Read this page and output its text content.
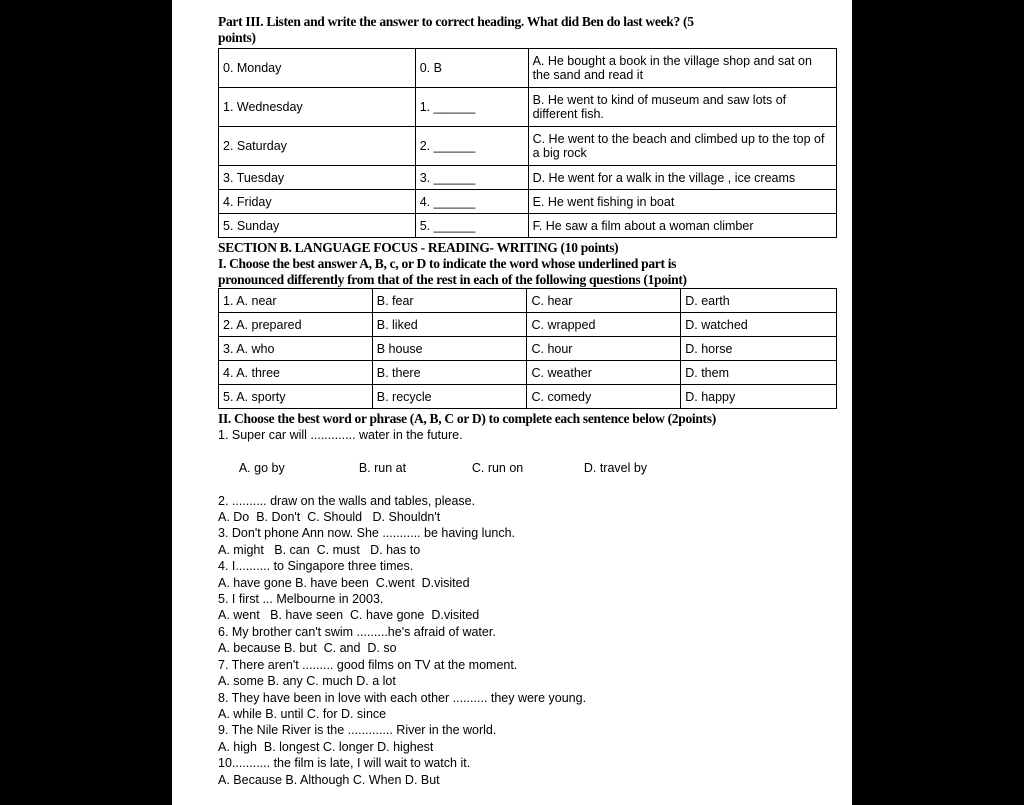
Part III. Listen and write the answer to correct heading. What did Ben do last week? (5
points)
0. Monday	0. B	A. He bought a book in the village shop and sat on the sand and read it
1. Wednesday	1. ______	B. He went to kind of museum and saw lots of different fish.
2. Saturday	2. ______	C. He went to the beach and climbed up to the top of a big rock
3. Tuesday	3. ______	D. He went for a walk in the village , ice creams
4. Friday	4. ______	E. He went fishing in boat
5. Sunday	5. ______	F. He saw a film about a woman climber
SECTION B. LANGUAGE FOCUS - READING- WRITING (10 points)
I. Choose the best answer A, B, c, or D to indicate the word whose underlined part is
pronounced differently from that of the rest in each of the following questions (1point)
1. A. near	B. fear	C. hear	D. earth
2. A. prepared	B. liked	C. wrapped	D. watched
3. A. who	B house	C. hour	D. horse
4. A. three	B. there	C. weather	D. them
5. A. sporty	B. recycle	C. comedy	D. happy
II. Choose the best word or phrase (A, B, C or D) to complete each sentence below (2points)
1. Super car will ............. water in the future.

A. go by	B. run at	C. run on	D. travel by

2. .......... draw on the walls and tables, please.
A. Do  B. Don't  C. Should   D. Shouldn't
3. Don't phone Ann now. She ........... be having lunch.
A. might   B. can  C. must   D. has to
4. I.......... to Singapore three times.
A. have gone B. have been  C.went  D.visited
5. I first ... Melbourne in 2003.
A. went   B. have seen  C. have gone  D.visited
6. My brother can't swim .........he's afraid of water.
A. because B. but  C. and  D. so
7. There aren't ......... good films on TV at the moment.
A. some B. any C. much D. a lot
8. They have been in love with each other .......... they were young.
A. while B. until C. for D. since
9. The Nile River is the ............. River in the world.
A. high  B. longest C. longer D. highest
10........... the film is late, I will wait to watch it.
A. Because B. Although C. When D. But
